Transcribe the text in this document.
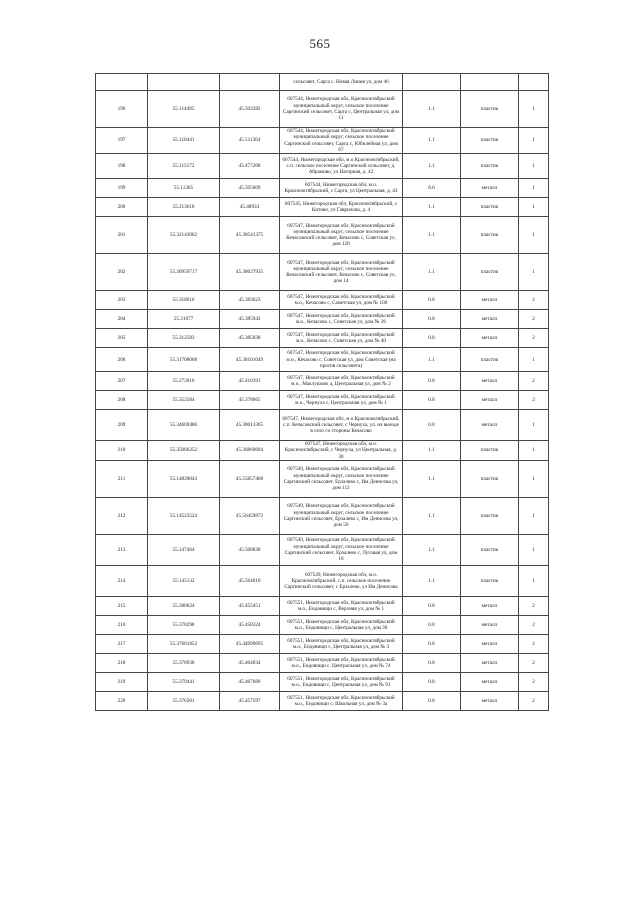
565
			сельсовет, Сарга с. Новая Линия ул, дом 46			
196	55.114495	45.503282	607544, Нижегородская обл, Краснооктябрьский муниципальный округ, сельское поселение Саргинский сельсовет, Сарга с, Центральная ул, дом 11	1.1	пластик	1
197	55.110441	45.511364	607544, Нижегородская обл, Краснооктябрьский муниципальный округ, сельское поселение Саргинский сельсовет, Сарга с, Юбилейная ул, дом 67	1.1	пластик	1
198	55.115172	45.477208	607544, Нижегородская обл, м.о.Краснооктябрьский, с.п. сельское поселение Саргинский сельсовет, д. Абрамово, ул Нагорная, д. 42	1.1	пластик	1
199	55.11365	45.505009	607544, Нижегородская обл, м.о. Краснооктябрьский, с Сарга, ул Центральная, д. 43	8.0	металл	1
200	55.213618	45.48933	607545, Нижегородская обл, Краснооктябрьский, с Китово, ул Гаврилова, д. 4	1.1	пластик	1
201	55.32143062	45.38541375	607547, Нижегородская обл, Краснооктябрьский муниципальный округ, сельское поселение Кечасовский сельсовет, Кечасово с, Советская ул, дом 120	1.1	пластик	1
202	55.30959717	45.38637935	607547, Нижегородская обл, Краснооктябрьский муниципальный округ, сельское поселение Кечасовский сельсовет, Кечасово с, Советская ул, дом 14	1.1	пластик	1
203	55.318616	45.383623	607547, Нижегородская обл, Краснооктябрьский м.о., Кечасово с, Советская ул, дом № 100	0.8	металл	2
204	55.31077	45.385942	607547, Нижегородская обл, Краснооктябрьский м.о., Кечасово с, Советская ул, дом № 26	0.8	металл	2
205	55.312583	45.385038	607547, Нижегородская обл, Краснооктябрьский м.о., Кечасово с, Советская ул, дом № 40	0.8	металл	2
206	55.31708068	45.38101049	607547, Нижегородская обл, Краснооктябрьский м.о., Кечасово с, Советская ул, дом Советская (на против сельсовета)	1.1	пластик	1
207	55.273016	45.410391	607547, Нижегородская обл, Краснооктябрьский м.о., Маклушово д, Центральная ул, дом № 2	0.8	металл	2
208	55.352584	45.378665	607547, Нижегородская обл, Краснооктябрьский м.о., Чернуха с, Центральная ул, дом № 1	0.8	металл	2
209	55.34669486	45.38013365	607547, Нижегородская обл, м.о.Краснооктябрьский, с.п. Кечасовский сельсовет, с Чернуха, ул. на выезде в село со стороны Кечасово	0.8	металл	1
210	55.35066252	45.36860604	607547, Нижегородская обл, м.о. Краснооктябрьский, с Чернуха, ул Центральная, д. 38	1.1	пластик	1
211	55.14828043	45.55857468	607549, Нижегородская обл, Краснооктябрьский муниципальный округ, сельское поселение Саргинский сельсовет, Ерзалево с, Им Денисова ул, дом 112	1.1	пластик	1
212	55.14523524	45.56459872	607549, Нижегородская обл, Краснооктябрьский муниципальный округ, сельское поселение Саргинский сельсовет, Ерзалево с, Им Денисова ул, дом 56	1.1	пластик	1
213	55.147464	45.568838	607549, Нижегородская обл, Краснооктябрьский муниципальный округ, сельское поселение Саргинский сельсовет, Ерзалево с, Луговая ул, дом 18	1.1	пластик	1
214	55.145132	45.564016	607549, Нижегородская обл, м.о. Краснооктябрьский, с.п. сельское поселение Саргинский сельсовет, с Ерзалево, ул Им Денисова	1.1	пластик	1
215	55.380624	45.455451	607551, Нижегородская обл, Краснооктябрьский м.о., Ендовищи с, Верхняя ул, дом № 1	0.8	металл	2
216	55.378298	45.458324	607551, Нижегородская обл, Краснооктябрьский м.о., Ендовищи с, Центральная ул, дом 36	0.8	металл	2
217	55.37601852	45.44999695	607551, Нижегородская обл, Краснооктябрьский м.о., Ендовищи с, Центральная ул, дом № 3	0.8	металл	2
218	55.378938	45.464034	607551, Нижегородская обл, Краснооктябрьский м.о., Ендовищи с, Центральная ул, дом № 74	0.8	металл	2
219	55.379441	45.467689	607551, Нижегородская обл, Краснооктябрьский м.о., Ендовищи с, Центральная ул, дом № 91	0.8	металл	2
220	55.376201	45.457597	607551, Нижегородская обл, Краснооктябрьский м.о., Ендовищи с, Школьная ул, дом № 3а	0.8	металл	2
